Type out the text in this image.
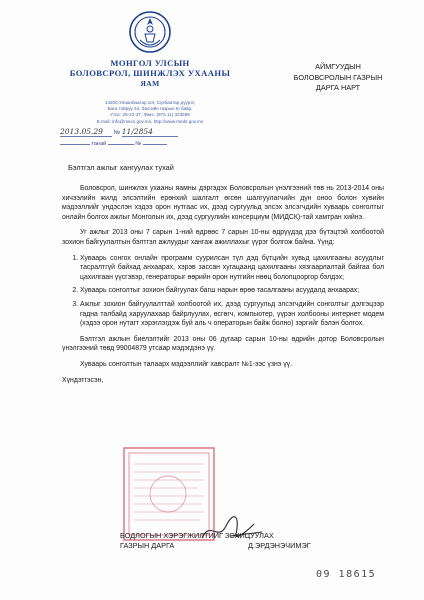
МОНГОЛ УЛСЫН
БОЛОВСРОЛ, ШИНЖЛЭХ УХААНЫ
ЯАМ
14200 Улаанбаатар хот, Сүхбаатар дүүрэг,
Бага тойруу 44, Засгийн газрын III байр,
Утас: 26-22-37, Факс: (976 11) 323569
E-mail: info@mecs.gov.mn, http://www.meds.gov.mn
2013.05.29 № 11/2854
танай	№
АЙМГУУДЫН
БОЛОВСРОЛЫН ГАЗРЫН
ДАРГА НАРТ
Бэлтгэл ажлыг хангуулах тухай

Боловсрол, шинжлэх ухааны яамны дэргэдэх Боловсролын үнэлгээний төв нь 2013-2014 оны хичээлийн жилд элсэлтийн ерөнхий шалгалт өгсөн шалгуулагчийн дүн оноо болон хувийн мэдээллийг үндэслэн хэдээ орон нутгаас их, дээд сургуульд элсэх элсэгчдийн хуваарь сонголтыг онлайн болгох ажлыг Монголын их, дээд сургуулийн консерциум (МИДСК)-тай хамтран хийнэ.

Уг ажлыг 2013 оны 7 сарын 1-ний өдрөөс 7 сарын 10-ны өдрүүдэд дээ бүтэцтэй холбоотой зохион байгуулалтын бэлтгэл ажлуудыг хангаж ажиллахыг үүрэг болгож байна. Үүнд:

1. Хуваарь сонгох онлайн программ суурилсан түл дэд бүтцийн хувьд цахилгааны асуудлыг тасралтгүй байхад анхаарах, хэрэв зассан хугацаанд цахилгааны хязгаарлалтай байгаа бол цахилгаан үүсгэвэр, генераторыг өөрийн орон нутгийн нөөц болопцооргор бэлдэх;
2. Хуваарь сонголтыг зохион байгуулах багш нарын өрөө тасалгааны асуудалд анхаарах;
3. Ажлыг зохион байгуулалттай холбоотой их, дээд сургуульд элсэгчдийн сонголтыг дэлгэцээр гадна талбайд харуулахаар байрлуулах, өсгөгч, компьютер, үүрэн холбооны интернет модем (хэдээ орон нутагт хэрэглэгдэж буй аль ч операторын байж болно) зэргийг бэлэн болгох.

Бэлтгэл ажлын биелэлтийг 2013 оны 06 дугаар сарын 10-ны өдрийн дотор Боловсролын үнэлгээний төвд 99004879 утсаар мэдэгдэнэ үү.

Хуваарь сонголтын талаарх мэдээллийг хавсралт №1-ээс үзнэ үү.

Хүндэтгэсэн,

БОДЛОГЫН ХЭРЭГЖИЛТИЙГ ЗОХИЦУУЛАХ
ГАЗРЫН ДАРГА	Д.ЭРДЭНЭЧИМЭГ
09 18615
